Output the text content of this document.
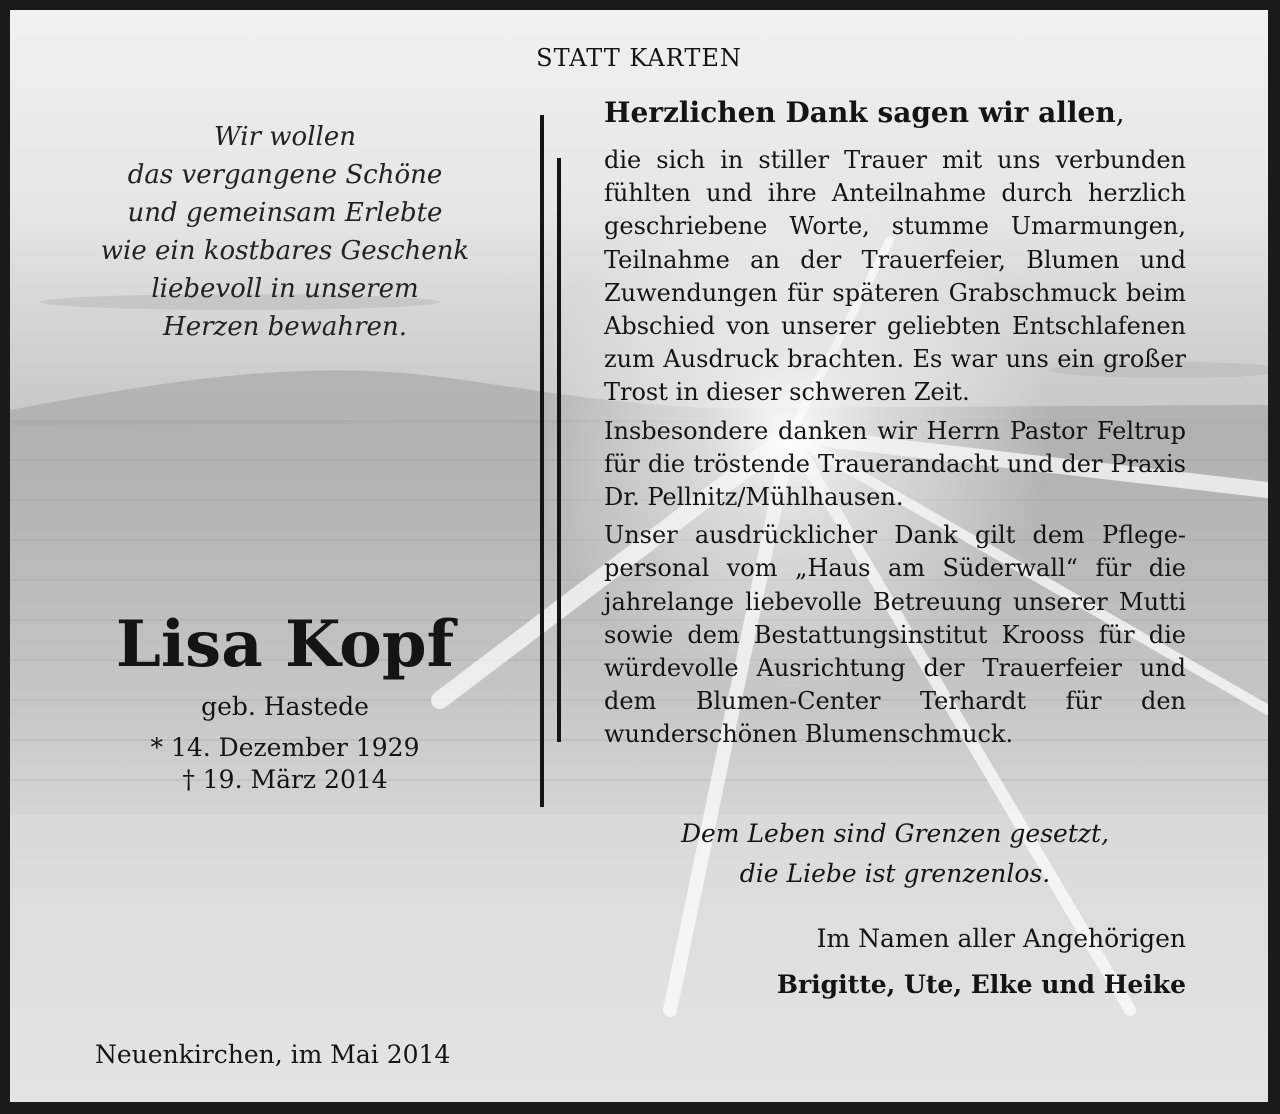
STATT KARTEN
Wir wollen
das vergangene Schöne
und gemeinsam Erlebte
wie ein kostbares Geschenk
liebevoll in unserem
Herzen bewahren.
Lisa Kopf
geb. Hastede
* 14. Dezember 1929
† 19. März 2014
Neuenkirchen, im Mai 2014
Herzlichen Dank sagen wir allen,

die sich in stiller Trauer mit uns verbunden fühlten und ihre Anteilnahme durch herzlich geschriebene Worte, stumme Umarmungen, Teilnahme an der Trauerfeier, Blumen und Zuwendungen für späteren Grabschmuck beim Abschied von unserer geliebten Entschlafenen zum Ausdruck brachten. Es war uns ein großer Trost in dieser schweren Zeit.

Insbesondere danken wir Herrn Pastor Feltrup für die tröstende Trauerandacht und der Praxis Dr. Pellnitz/Mühlhausen.

Unser ausdrücklicher Dank gilt dem Pflegepersonal vom „Haus am Süderwall“ für die jahrelange liebevolle Betreuung unserer Mutti sowie dem Bestattungsinstitut Krooss für die würdevolle Ausrichtung der Trauerfeier und dem Blumen-Center Terhardt für den wunderschönen Blumenschmuck.

Dem Leben sind Grenzen gesetzt,
die Liebe ist grenzenlos.
Im Namen aller Angehörigen
Brigitte, Ute, Elke und Heike
